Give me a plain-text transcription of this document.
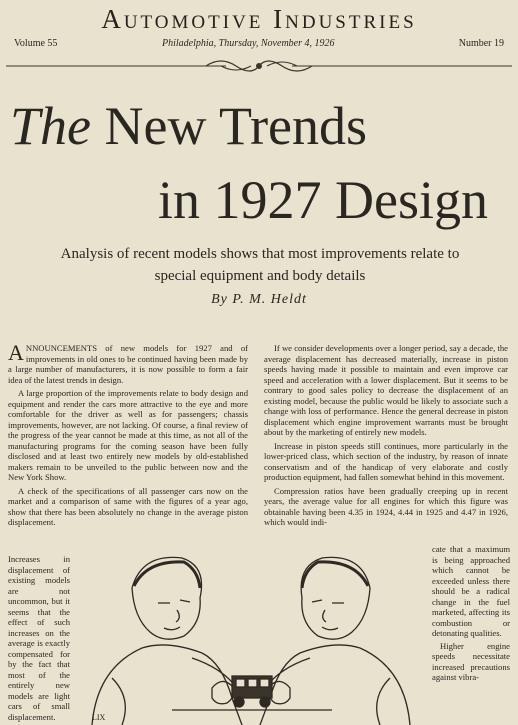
Automotive Industries
Volume 55	Philadelphia, Thursday, November 4, 1926	Number 19
The New Trends
in 1927 Design
Analysis of recent models shows that most improvements relate to special equipment and body details
By P. M. Heldt

ANNOUNCEMENTS of new models for 1927 and of improvements in old ones to be continued having been made by a large number of manufacturers, it is now possible to form a fair idea of the latest trends in design.

A large proportion of the improvements relate to body design and equipment and render the cars more attractive to the eye and more comfortable for the driver as well as for passengers; chassis improvements, however, are not lacking. Of course, a final review of the progress of the year cannot be made at this time, as not all of the manufacturing programs for the coming season have been fully disclosed and at least two entirely new models by old-established makers remain to be unveiled to the public between now and the New York Show.

A check of the specifications of all passenger cars now on the market and a comparison of same with the figures of a year ago, show that there has been absolutely no change in the average piston displacement.

Increases in displacement of existing models are not uncommon, but it seems that the effect of such increases on the average is exactly compensated for by the fact that most of the entirely new models are light cars of small displacement.

If we consider developments over a longer period, say a decade, the average displacement has decreased materially, increase in piston speeds having made it possible to maintain and even improve car speed and acceleration with a lower displacement. But it seems to be contrary to good sales policy to decrease the displacement of an existing model, because the public would be likely to associate such a change with loss of performance. Hence the general decrease in piston displacement which engine improvement warrants must be brought about by the marketing of entirely new models.

Increase in piston speeds still continues, more particularly in the lower-priced class, which section of the industry, by reason of innate conservatism and of the handicap of very elaborate and costly production equipment, had fallen somewhat behind in this movement.

Compression ratios have been gradually creeping up in recent years, the average value for all engines for which this figure was obtainable having been 4.35 in 1924, 4.44 in 1925 and 4.47 in 1926, which would indi-

cate that a maximum is being approached which cannot be exceeded unless there should be a radical change in the fuel marketed, affecting its combustion or detonating qualities.

Higher engine speeds necessitate increased precautions against vibra-

LIX
